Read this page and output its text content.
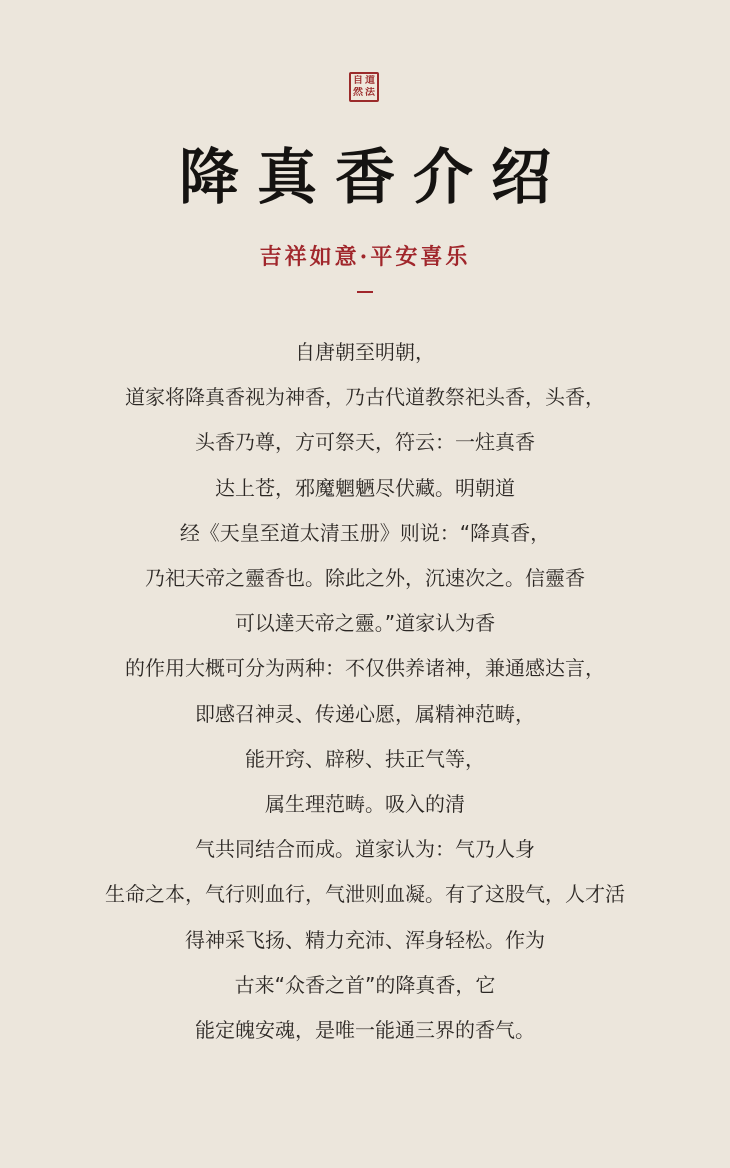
自 道
然 法
降真香介绍
吉祥如意·平安喜乐
自唐朝至明朝，
道家将降真香视为神香，乃古代道教祭祀头香，头香，
头香乃尊，方可祭天，符云：一炷真香
达上苍，邪魔魍魉尽伏藏。明朝道
经《天皇至道太清玉册》则说：“降真香，
乃祀天帝之靈香也。除此之外，沉速次之。信靈香
可以達天帝之靈。”道家认为香
的作用大概可分为两种：不仅供养诸神，兼通感达言，
即感召神灵、传递心愿，属精神范畴，
能开窍、辟秽、扶正气等，
属生理范畴。吸入的清
气共同结合而成。道家认为：气乃人身
生命之本，气行则血行，气泄则血凝。有了这股气，人才活
得神采飞扬、精力充沛、浑身轻松。作为
古来“众香之首”的降真香，它
能定魄安魂，是唯一能通三界的香气。
